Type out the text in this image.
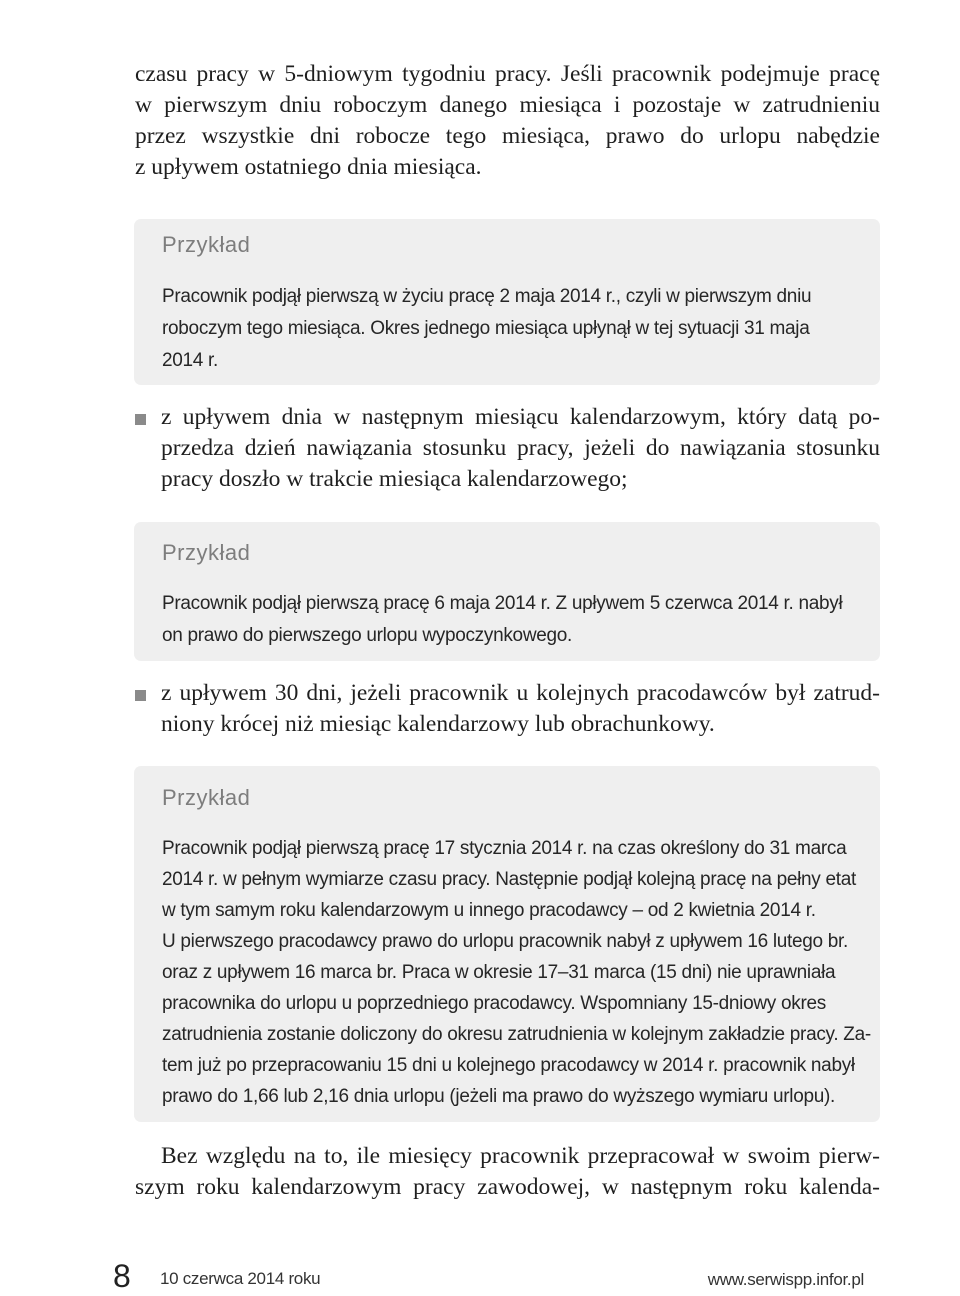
czasu pracy w 5-dniowym tygodniu pracy. Jeśli pracownik podejmuje pracę
w pierwszym dniu roboczym danego miesiąca i pozostaje w zatrudnieniu
przez wszystkie dni robocze tego miesiąca, prawo do urlopu nabędzie
z upływem ostatniego dnia miesiąca.
Przykład
Pracownik podjął pierwszą w życiu pracę 2 maja 2014 r., czyli w pierwszym dniu
roboczym tego miesiąca. Okres jednego miesiąca upłynął w tej sytuacji 31 maja
2014 r.
z upływem dnia w następnym miesiącu kalendarzowym, który datą po-
przedza dzień nawiązania stosunku pracy, jeżeli do nawiązania stosunku
pracy doszło w trakcie miesiąca kalendarzowego;
Przykład
Pracownik podjął pierwszą pracę 6 maja 2014 r. Z upływem 5 czerwca 2014 r. nabył
on prawo do pierwszego urlopu wypoczynkowego.
z upływem 30 dni, jeżeli pracownik u kolejnych pracodawców był zatrud-
niony krócej niż miesiąc kalendarzowy lub obrachunkowy.
Przykład
Pracownik podjął pierwszą pracę 17 stycznia 2014 r. na czas określony do 31 marca
2014 r. w pełnym wymiarze czasu pracy. Następnie podjął kolejną pracę na pełny etat
w tym samym roku kalendarzowym u innego pracodawcy – od 2 kwietnia 2014 r.
U pierwszego pracodawcy prawo do urlopu pracownik nabył z upływem 16 lutego br.
oraz z upływem 16 marca br. Praca w okresie 17–31 marca (15 dni) nie uprawniała
pracownika do urlopu u poprzedniego pracodawcy. Wspomniany 15-dniowy okres
zatrudnienia zostanie doliczony do okresu zatrudnienia w kolejnym zakładzie pracy. Za-
tem już po przepracowaniu 15 dni u kolejnego pracodawcy w 2014 r. pracownik nabył
prawo do 1,66 lub 2,16 dnia urlopu (jeżeli ma prawo do wyższego wymiaru urlopu).
Bez względu na to, ile miesięcy pracownik przepracował w swoim pierw-
szym roku kalendarzowym pracy zawodowej, w następnym roku kalenda-
8 10 czerwca 2014 roku	www.serwispp.infor.pl
